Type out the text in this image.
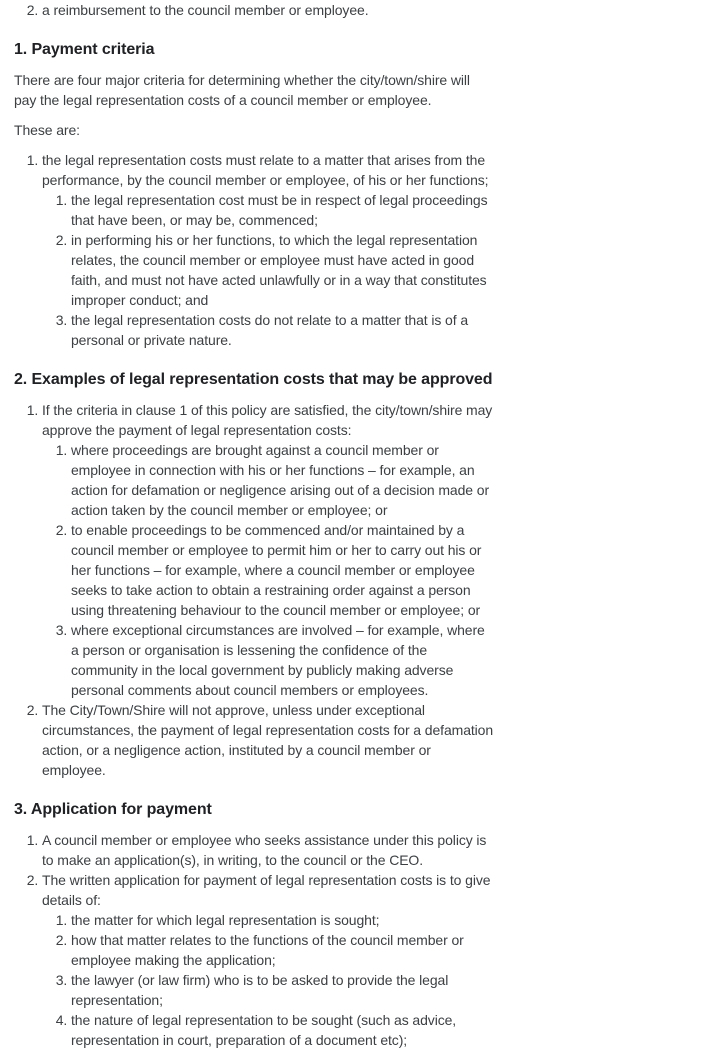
2. a reimbursement to the council member or employee.
1. Payment criteria

There are four major criteria for determining whether the city/town/shire will pay the legal representation costs of a council member or employee.

These are:

1. the legal representation costs must relate to a matter that arises from the performance, by the council member or employee, of his or her functions;
1. the legal representation cost must be in respect of legal proceedings that have been, or may be, commenced;
2. in performing his or her functions, to which the legal representation relates, the council member or employee must have acted in good faith, and must not have acted unlawfully or in a way that constitutes improper conduct; and
3. the legal representation costs do not relate to a matter that is of a personal or private nature.
2. Examples of legal representation costs that may be approved
1. If the criteria in clause 1 of this policy are satisfied, the city/town/shire may approve the payment of legal representation costs:
1. where proceedings are brought against a council member or employee in connection with his or her functions – for example, an action for defamation or negligence arising out of a decision made or action taken by the council member or employee; or
2. to enable proceedings to be commenced and/or maintained by a council member or employee to permit him or her to carry out his or her functions – for example, where a council member or employee seeks to take action to obtain a restraining order against a person using threatening behaviour to the council member or employee; or
3. where exceptional circumstances are involved – for example, where a person or organisation is lessening the confidence of the community in the local government by publicly making adverse personal comments about council members or employees.
2. The City/Town/Shire will not approve, unless under exceptional circumstances, the payment of legal representation costs for a defamation action, or a negligence action, instituted by a council member or employee.
3. Application for payment
1. A council member or employee who seeks assistance under this policy is to make an application(s), in writing, to the council or the CEO.
2. The written application for payment of legal representation costs is to give details of:
1. the matter for which legal representation is sought;
2. how that matter relates to the functions of the council member or employee making the application;
3. the lawyer (or law firm) who is to be asked to provide the legal representation;
4. the nature of legal representation to be sought (such as advice, representation in court, preparation of a document etc);
